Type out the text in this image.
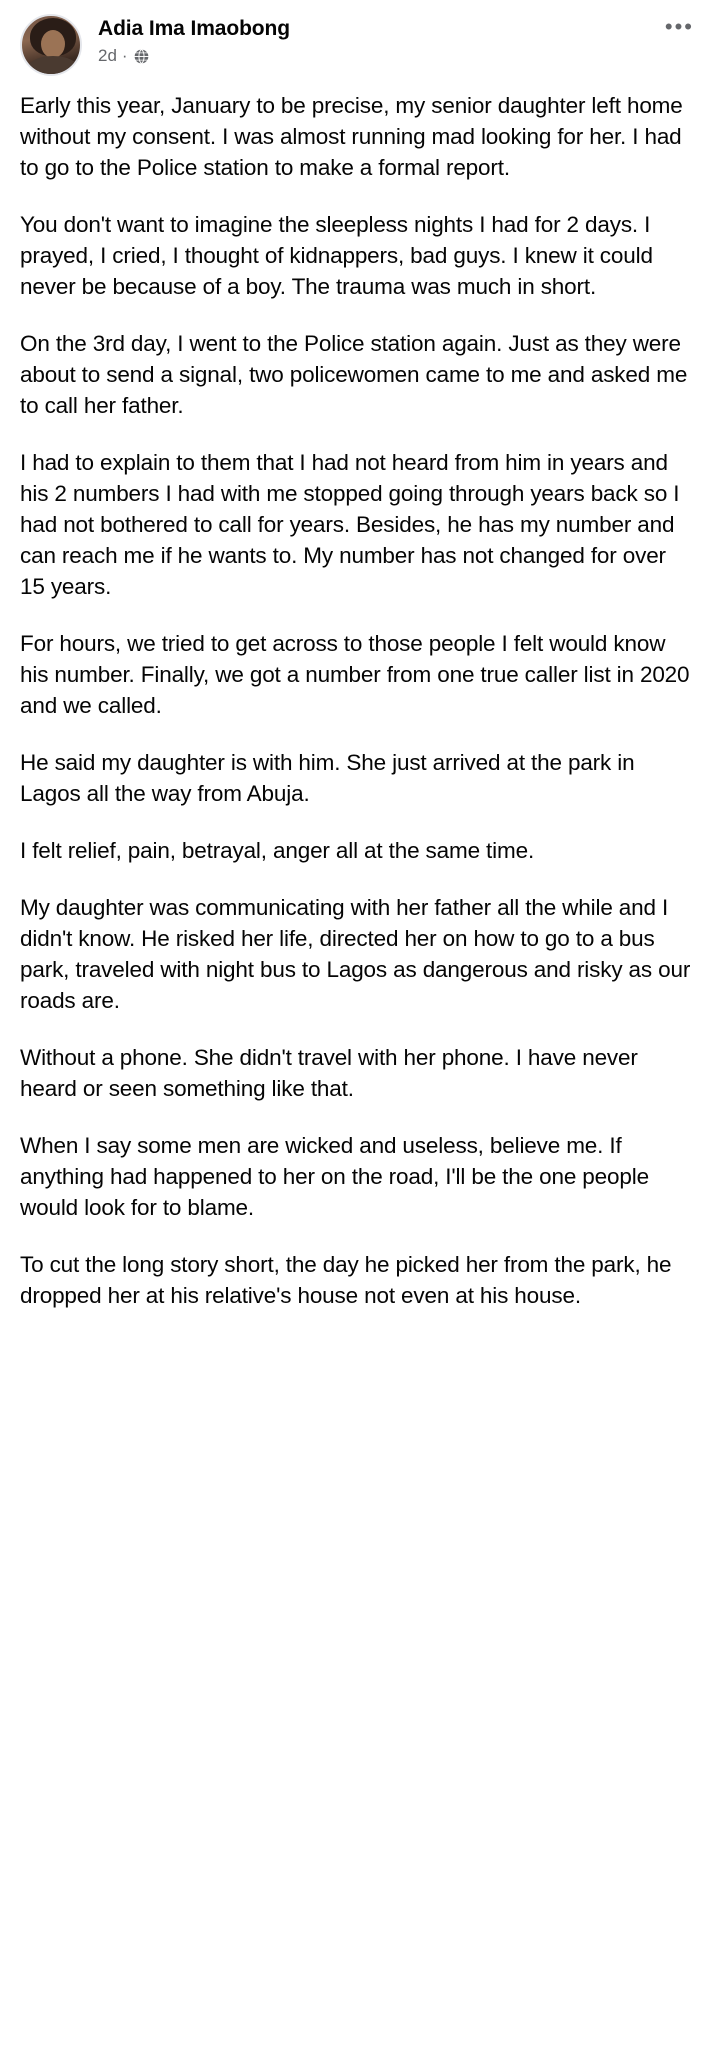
Adia Ima Imaobong
2d ·
•••

Early this year, January to be precise, my senior daughter left home without my consent. I was almost running mad looking for her. I had to go to the Police station to make a formal report.

You don't want to imagine the sleepless nights I had for 2 days. I prayed, I cried, I thought of kidnappers, bad guys. I knew it could never be because of a boy. The trauma was much in short.

On the 3rd day, I went to the Police station again. Just as they were about to send a signal, two policewomen came to me and asked me to call her father.

I had to explain to them that I had not heard from him in years and his 2 numbers I had with me stopped going through years back so I had not bothered to call for years. Besides, he has my number and can reach me if he wants to. My number has not changed for over 15 years.

For hours, we tried to get across to those people I felt would know his number. Finally, we got a number from one true caller list in 2020 and we called.

He said my daughter is with him. She just arrived at the park in Lagos all the way from Abuja.

I felt relief, pain, betrayal, anger all at the same time.

My daughter was communicating with her father all the while and I didn't know. He risked her life, directed her on how to go to a bus park, traveled with night bus to Lagos as dangerous and risky as our roads are.

Without a phone. She didn't travel with her phone. I have never heard or seen something like that.

When I say some men are wicked and useless, believe me. If anything had happened to her on the road, I'll be the one people would look for to blame.

To cut the long story short, the day he picked her from the park, he dropped her at his relative's house not even at his house.
